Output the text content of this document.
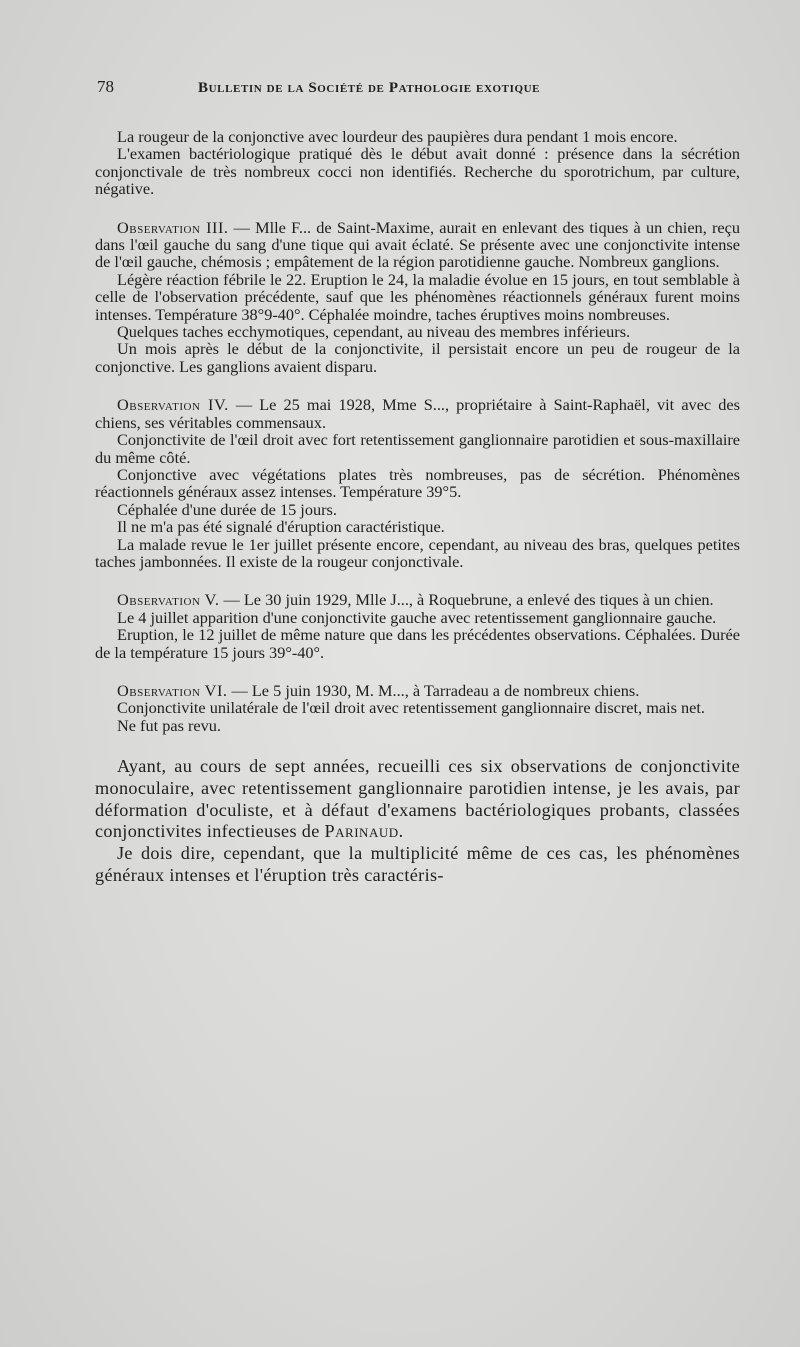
78	Bulletin de la Société de Pathologie exotique

La rougeur de la conjonctive avec lourdeur des paupières dura pendant 1 mois encore.

L'examen bactériologique pratiqué dès le début avait donné : présence dans la sécrétion conjonctivale de très nombreux cocci non identifiés. Recherche du sporotrichum, par culture, négative.

Observation III. — Mlle F... de Saint-Maxime, aurait en enlevant des tiques à un chien, reçu dans l'œil gauche du sang d'une tique qui avait éclaté. Se présente avec une conjonctivite intense de l'œil gauche, chémosis ; empâtement de la région parotidienne gauche. Nombreux ganglions.

Légère réaction fébrile le 22. Eruption le 24, la maladie évolue en 15 jours, en tout semblable à celle de l'observation précédente, sauf que les phénomènes réactionnels généraux furent moins intenses. Température 38°9-40°. Céphalée moindre, taches éruptives moins nombreuses.

Quelques taches ecchymotiques, cependant, au niveau des membres inférieurs.

Un mois après le début de la conjonctivite, il persistait encore un peu de rougeur de la conjonctive. Les ganglions avaient disparu.

Observation IV. — Le 25 mai 1928, Mme S..., propriétaire à Saint-Raphaël, vit avec des chiens, ses véritables commensaux.

Conjonctivite de l'œil droit avec fort retentissement ganglionnaire parotidien et sous-maxillaire du même côté.

Conjonctive avec végétations plates très nombreuses, pas de sécrétion. Phénomènes réactionnels généraux assez intenses. Température 39°5.

Céphalée d'une durée de 15 jours.

Il ne m'a pas été signalé d'éruption caractéristique.

La malade revue le 1er juillet présente encore, cependant, au niveau des bras, quelques petites taches jambonnées. Il existe de la rougeur conjonctivale.

Observation V. — Le 30 juin 1929, Mlle J..., à Roquebrune, a enlevé des tiques à un chien.

Le 4 juillet apparition d'une conjonctivite gauche avec retentissement ganglionnaire gauche.

Eruption, le 12 juillet de même nature que dans les précédentes observations. Céphalées. Durée de la température 15 jours 39°-40°.

Observation VI. — Le 5 juin 1930, M. M..., à Tarradeau a de nombreux chiens.

Conjonctivite unilatérale de l'œil droit avec retentissement ganglionnaire discret, mais net.

Ne fut pas revu.

Ayant, au cours de sept années, recueilli ces six observations de conjonctivite monoculaire, avec retentissement ganglionnaire parotidien intense, je les avais, par déformation d'oculiste, et à défaut d'examens bactériologiques probants, classées conjonctivites infectieuses de Parinaud.

Je dois dire, cependant, que la multiplicité même de ces cas, les phénomènes généraux intenses et l'éruption très caractéris-
